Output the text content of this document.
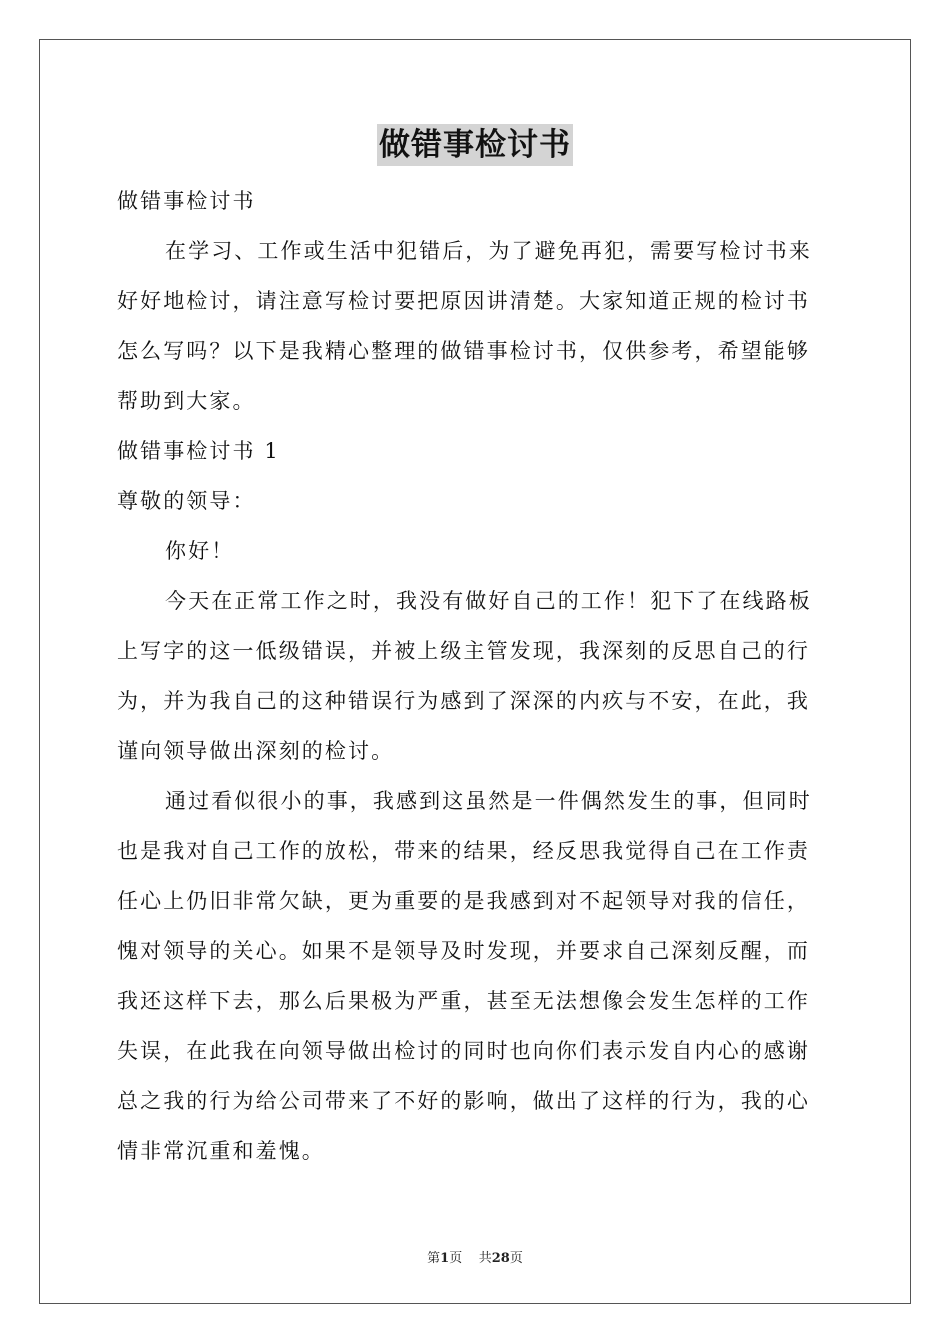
做错事检讨书
做错事检讨书
在学习、工作或生活中犯错后，为了避免再犯，需要写检讨书来
好好地检讨，请注意写检讨要把原因讲清楚。大家知道正规的检讨书
怎么写吗？以下是我精心整理的做错事检讨书，仅供参考，希望能够
帮助到大家。
做错事检讨书 1
尊敬的领导：
你好！
今天在正常工作之时，我没有做好自己的工作！犯下了在线路板
上写字的这一低级错误，并被上级主管发现，我深刻的反思自己的行
为，并为我自己的这种错误行为感到了深深的内疚与不安，在此，我
谨向领导做出深刻的检讨。
通过看似很小的事，我感到这虽然是一件偶然发生的事，但同时
也是我对自己工作的放松，带来的结果，经反思我觉得自己在工作责
任心上仍旧非常欠缺，更为重要的是我感到对不起领导对我的信任，
愧对领导的关心。如果不是领导及时发现，并要求自己深刻反醒，而
我还这样下去，那么后果极为严重，甚至无法想像会发生怎样的工作
失误，在此我在向领导做出检讨的同时也向你们表示发自内心的感谢
总之我的行为给公司带来了不好的影响，做出了这样的行为，我的心
情非常沉重和羞愧。
第1页 共28页
